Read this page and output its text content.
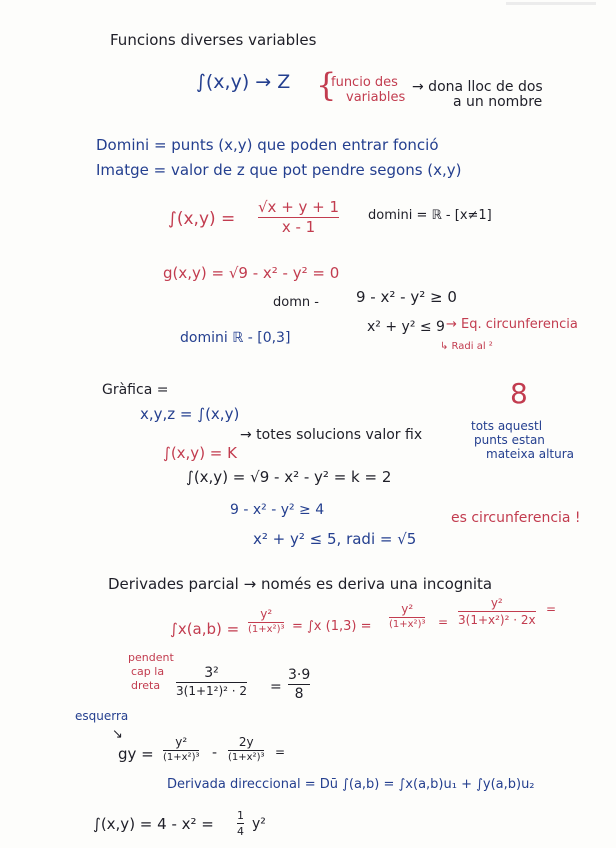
Funcions diverses variables
∫(x,y) → Z {
funcio des
variables
→ dona lloc de dos
a un nombre
Domini = punts (x,y) que poden entrar fonció
Imatge = valor de z que pot pendre segons (x,y)
∫(x,y) =
√x + y + 1
x - 1
domini = ℝ - [x≠1]
g(x,y) = √9 - x² - y² = 0
domn - 9 - x² - y² ≥ 0
domini ℝ - [0,3]
x² + y² ≤ 9 → Eq. circunferencia
↳ Radi al ²
Gràfica =
x,y,z = ∫(x,y)
∫(x,y) = K
→ totes solucions valor fix
8
tots aquestl
punts estan
mateixa altura
∫(x,y) = √9 - x² - y² = k = 2
9 - x² - y² ≥ 4
x² + y² ≤ 5, radi = √5
es circunferencia !
Derivades parcial → només es deriva una incognita
∫x(a,b) =
y²
(1+x²)³ = ∫x (1,3) =
y²
(1+x²)³ =
y²
3(1+x²)² · 2x
=
pendent
cap la
dreta
3²
3(1+1²)² · 2 =
3·9
8
esquerra
↘
gy =
y²
(1+x²)³ -
2y
(1+x²)³ =
Derivada direccional = Dū ∫(a,b) = ∫x(a,b)u₁ + ∫y(a,b)u₂
∫(x,y) = 4 - x² = 1
4 y²
